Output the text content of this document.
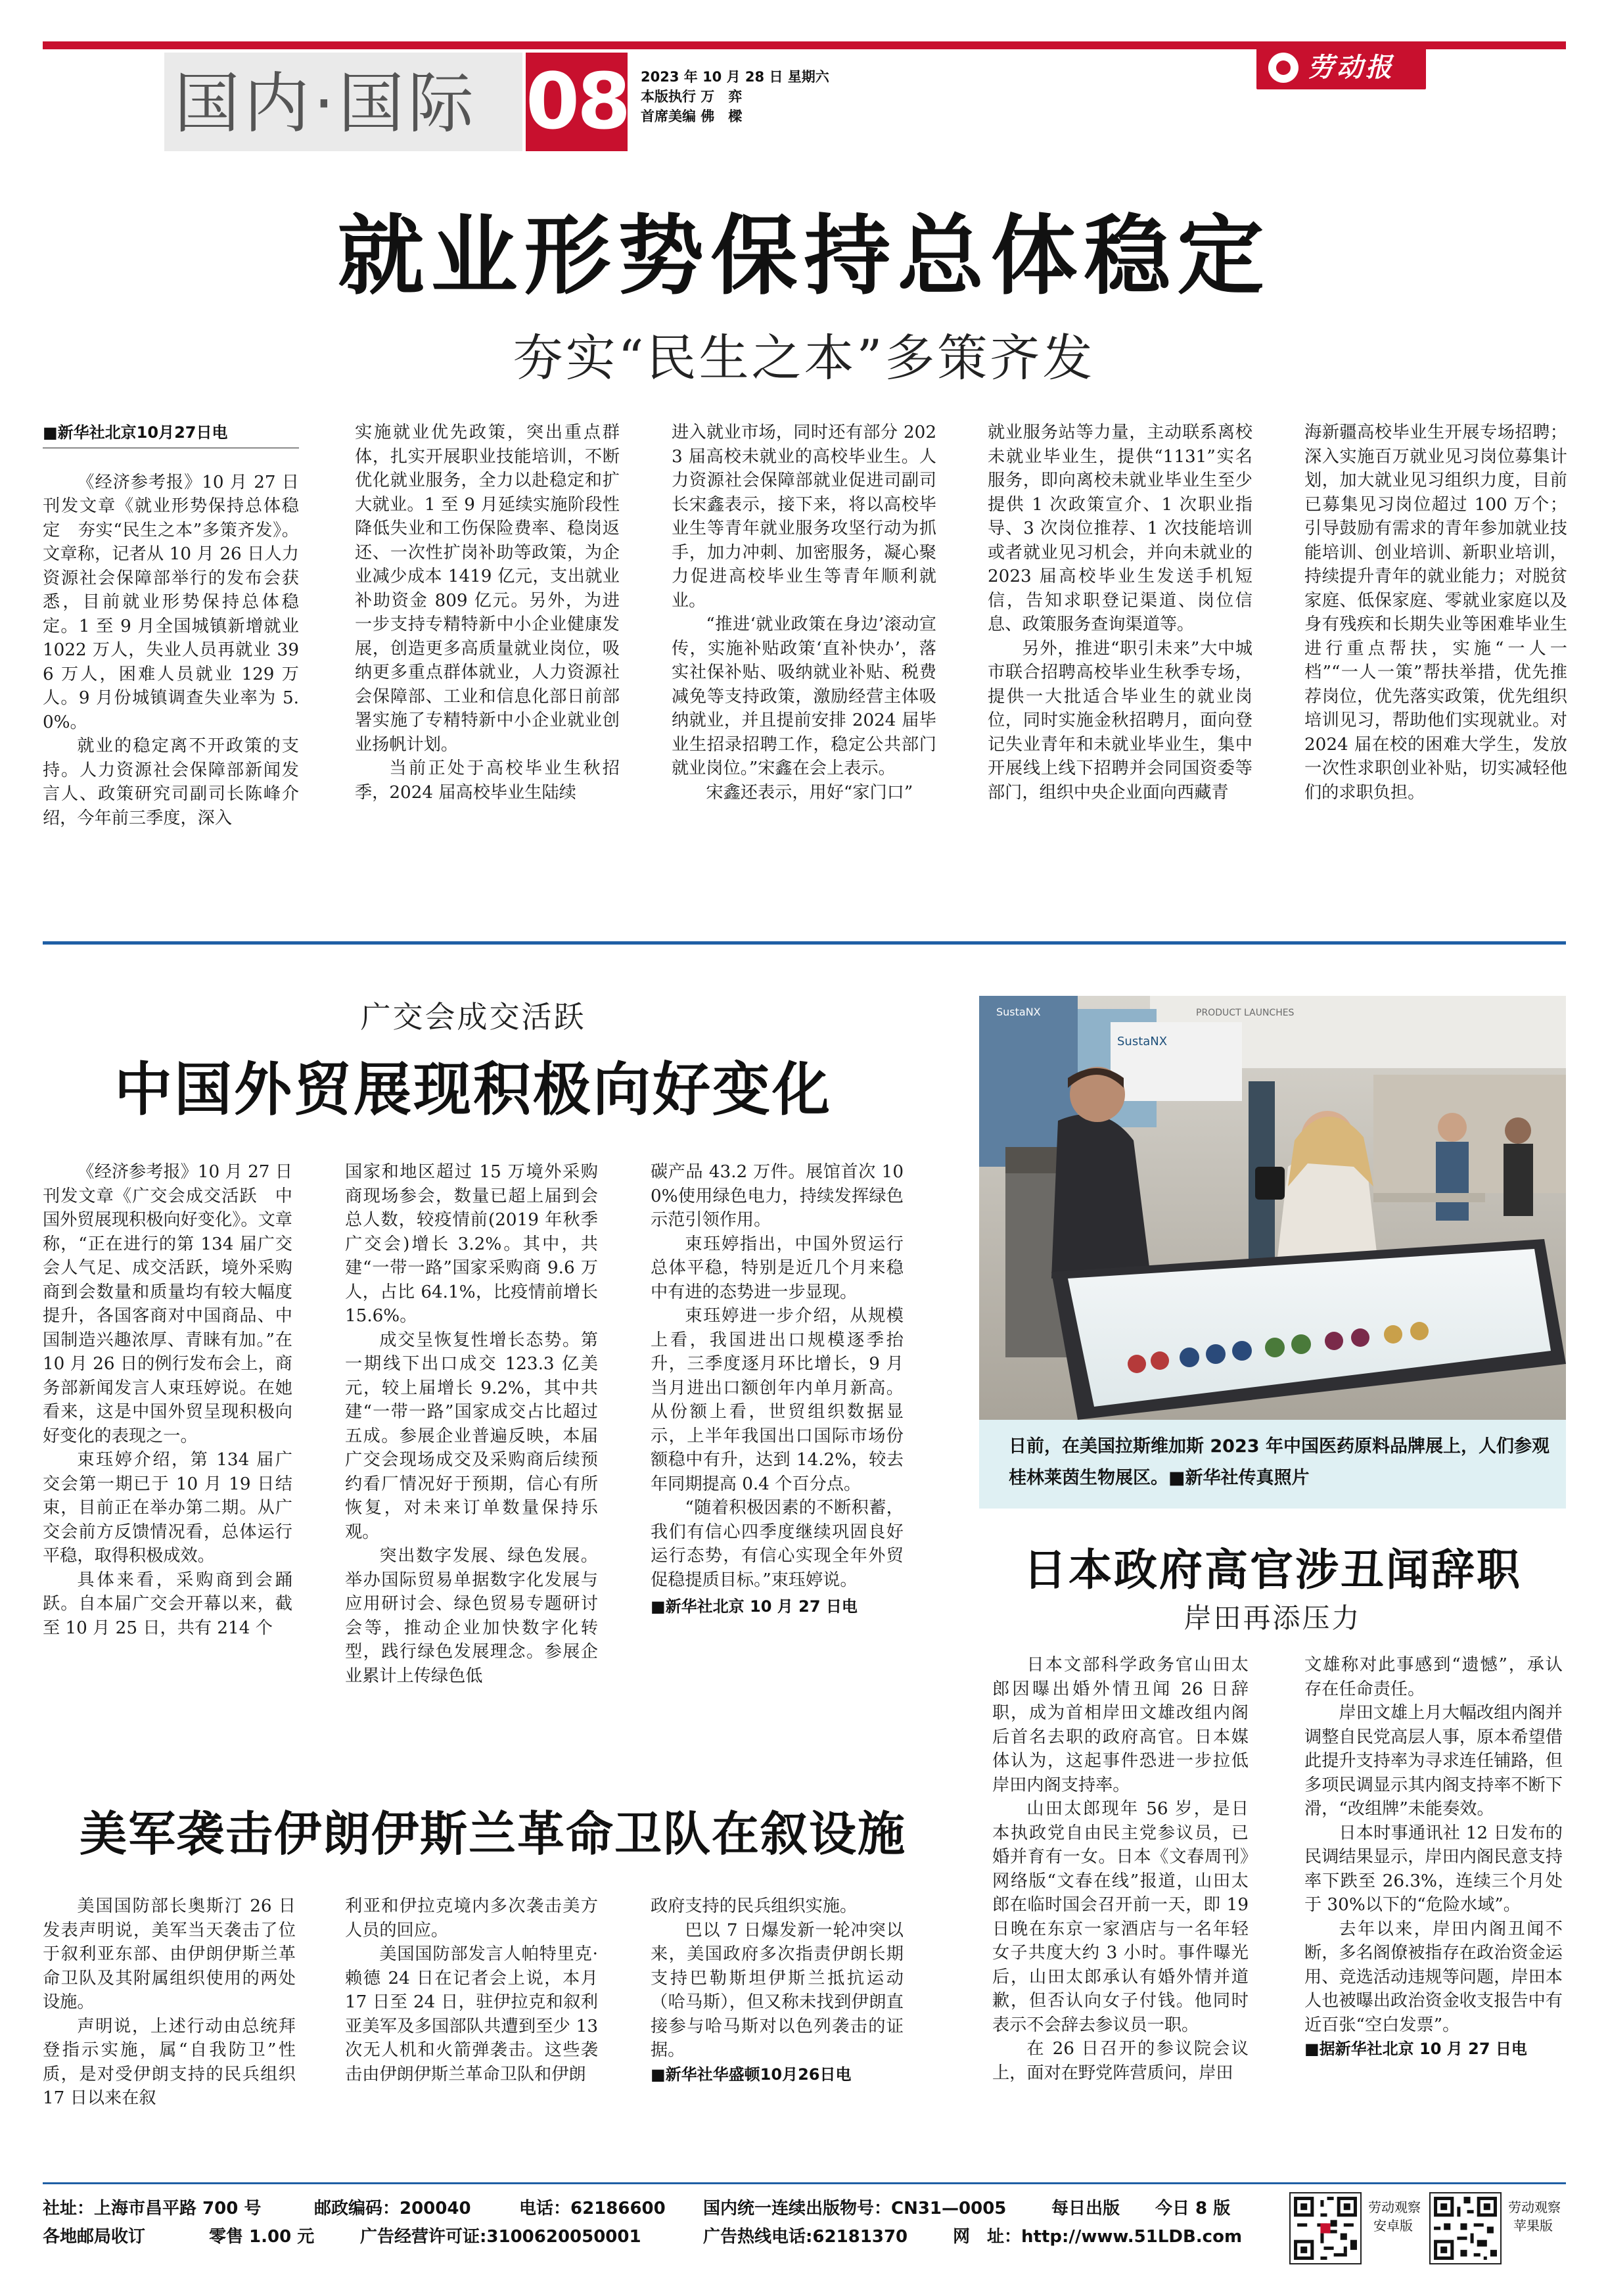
国内·国际 08 2023 年 10 月 28 日 星期六
本版执行 万　弈
首席美编 佛　樑
劳动报
就业形势保持总体稳定
夯实“民生之本”多策齐发
■新华社北京10月27日电

《经济参考报》10 月 27 日刊发文章《就业形势保持总体稳定　夯实“民生之本”多策齐发》。文章称，记者从 10 月 26 日人力资源社会保障部举行的发布会获悉，目前就业形势保持总体稳定。1 至 9 月全国城镇新增就业 1022 万人，失业人员再就业 396 万人，困难人员就业 129 万人。9 月份城镇调查失业率为 5.0%。

就业的稳定离不开政策的支持。人力资源社会保障部新闻发言人、政策研究司副司长陈峰介绍，今年前三季度，深入

实施就业优先政策，突出重点群体，扎实开展职业技能培训，不断优化就业服务，全力以赴稳定和扩大就业。1 至 9 月延续实施阶段性降低失业和工伤保险费率、稳岗返还、一次性扩岗补助等政策，为企业减少成本 1419 亿元，支出就业补助资金 809 亿元。另外，为进一步支持专精特新中小企业健康发展，创造更多高质量就业岗位，吸纳更多重点群体就业，人力资源社会保障部、工业和信息化部日前部署实施了专精特新中小企业就业创业扬帆计划。

当前正处于高校毕业生秋招季，2024 届高校毕业生陆续

进入就业市场，同时还有部分 2023 届高校未就业的高校毕业生。人力资源社会保障部就业促进司副司长宋鑫表示，接下来，将以高校毕业生等青年就业服务攻坚行动为抓手，加力冲刺、加密服务，凝心聚力促进高校毕业生等青年顺利就业。

“推进‘就业政策在身边’滚动宣传，实施补贴政策‘直补快办’，落实社保补贴、吸纳就业补贴、税费减免等支持政策，激励经营主体吸纳就业，并且提前安排 2024 届毕业生招录招聘工作，稳定公共部门就业岗位。”宋鑫在会上表示。

宋鑫还表示，用好“家门口”

就业服务站等力量，主动联系离校未就业毕业生，提供“1131”实名服务，即向离校未就业毕业生至少提供 1 次政策宣介、1 次职业指导、3 次岗位推荐、1 次技能培训或者就业见习机会，并向未就业的 2023 届高校毕业生发送手机短信，告知求职登记渠道、岗位信息、政策服务查询渠道等。

另外，推进“职引未来”大中城市联合招聘高校毕业生秋季专场，提供一大批适合毕业生的就业岗位，同时实施金秋招聘月，面向登记失业青年和未就业毕业生，集中开展线上线下招聘并会同国资委等部门，组织中央企业面向西藏青

海新疆高校毕业生开展专场招聘；深入实施百万就业见习岗位募集计划，加大就业见习组织力度，目前已募集见习岗位超过 100 万个；引导鼓励有需求的青年参加就业技能培训、创业培训、新职业培训，持续提升青年的就业能力；对脱贫家庭、低保家庭、零就业家庭以及身有残疾和长期失业等困难毕业生进行重点帮扶，实施“一人一档”“一人一策”帮扶举措，优先推荐岗位，优先落实政策，优先组织培训见习，帮助他们实现就业。对 2024 届在校的困难大学生，发放一次性求职创业补贴，切实减轻他们的求职负担。

广交会成交活跃
中国外贸展现积极向好变化

《经济参考报》10 月 27 日刊发文章《广交会成交活跃　中国外贸展现积极向好变化》。文章称，“正在进行的第 134 届广交会人气足、成交活跃，境外采购商到会数量和质量均有较大幅度提升，各国客商对中国商品、中国制造兴趣浓厚、青睐有加。”在 10 月 26 日的例行发布会上，商务部新闻发言人束珏婷说。在她看来，这是中国外贸呈现积极向好变化的表现之一。

束珏婷介绍，第 134 届广交会第一期已于 10 月 19 日结束，目前正在举办第二期。从广交会前方反馈情况看，总体运行平稳，取得积极成效。

具体来看，采购商到会踊跃。自本届广交会开幕以来，截至 10 月 25 日，共有 214 个

国家和地区超过 15 万境外采购商现场参会，数量已超上届到会总人数，较疫情前(2019 年秋季广交会)增长 3.2%。其中，共建“一带一路”国家采购商 9.6 万人，占比 64.1%，比疫情前增长 15.6%。

成交呈恢复性增长态势。第一期线下出口成交 123.3 亿美元，较上届增长 9.2%，其中共建“一带一路”国家成交占比超过五成。参展企业普遍反映，本届广交会现场成交及采购商后续预约看厂情况好于预期，信心有所恢复，对未来订单数量保持乐观。

突出数字发展、绿色发展。举办国际贸易单据数字化发展与应用研讨会、绿色贸易专题研讨会等，推动企业加快数字化转型，践行绿色发展理念。参展企业累计上传绿色低

碳产品 43.2 万件。展馆首次 100%使用绿色电力，持续发挥绿色示范引领作用。

束珏婷指出，中国外贸运行总体平稳，特别是近几个月来稳中有进的态势进一步显现。

束珏婷进一步介绍，从规模上看，我国进出口规模逐季抬升，三季度逐月环比增长，9 月当月进出口额创年内单月新高。从份额上看，世贸组织数据显示，上半年我国出口国际市场份额稳中有升，达到 14.2%，较去年同期提高 0.4 个百分点。

“随着积极因素的不断积蓄，我们有信心四季度继续巩固良好运行态势，有信心实现全年外贸促稳提质目标。”束珏婷说。

■新华社北京 10 月 27 日电
SustaNX
SustaNX
PRODUCT LAUNCHES
日前，在美国拉斯维加斯 2023 年中国医药原料品牌展上，人们参观桂林莱茵生物展区。■新华社传真照片
日本政府高官涉丑闻辞职
岸田再添压力

日本文部科学政务官山田太郎因曝出婚外情丑闻 26 日辞职，成为首相岸田文雄改组内阁后首名去职的政府高官。日本媒体认为，这起事件恐进一步拉低岸田内阁支持率。

山田太郎现年 56 岁，是日本执政党自由民主党参议员，已婚并育有一女。日本《文春周刊》网络版“文春在线”报道，山田太郎在临时国会召开前一天，即 19 日晚在东京一家酒店与一名年轻女子共度大约 3 小时。事件曝光后，山田太郎承认有婚外情并道歉，但否认向女子付钱。他同时表示不会辞去参议员一职。

在 26 日召开的参议院会议上，面对在野党阵营质问，岸田

文雄称对此事感到“遗憾”，承认存在任命责任。

岸田文雄上月大幅改组内阁并调整自民党高层人事，原本希望借此提升支持率为寻求连任铺路，但多项民调显示其内阁支持率不断下滑，“改组牌”未能奏效。

日本时事通讯社 12 日发布的民调结果显示，岸田内阁民意支持率下跌至 26.3%，连续三个月处于 30%以下的“危险水域”。

去年以来，岸田内阁丑闻不断，多名阁僚被指存在政治资金运用、竞选活动违规等问题，岸田本人也被曝出政治资金收支报告中有近百张“空白发票”。

■据新华社北京 10 月 27 日电
美军袭击伊朗伊斯兰革命卫队在叙设施

美国国防部长奥斯汀 26 日发表声明说，美军当天袭击了位于叙利亚东部、由伊朗伊斯兰革命卫队及其附属组织使用的两处设施。

声明说，上述行动由总统拜登指示实施，属“自我防卫”性质，是对受伊朗支持的民兵组织 17 日以来在叙

利亚和伊拉克境内多次袭击美方人员的回应。

美国国防部发言人帕特里克·赖德 24 日在记者会上说，本月 17 日至 24 日，驻伊拉克和叙利亚美军及多国部队共遭到至少 13 次无人机和火箭弹袭击。这些袭击由伊朗伊斯兰革命卫队和伊朗

政府支持的民兵组织实施。

巴以 7 日爆发新一轮冲突以来，美国政府多次指责伊朗长期支持巴勒斯坦伊斯兰抵抗运动（哈马斯），但又称未找到伊朗直接参与哈马斯对以色列袭击的证据。

■新华社华盛顿10月26日电
社址：上海市昌平路 700 号	邮政编码：200040	电话：62186600 国内统一连续出版物号：CN31—0005	每日出版 今日 8 版
各地邮局收订	零售 1.00 元	广告经营许可证:3100620050001	广告热线电话:62181370	网　址：http://www.51LDB.com
劳动观察
安卓版
劳动观察
苹果版
